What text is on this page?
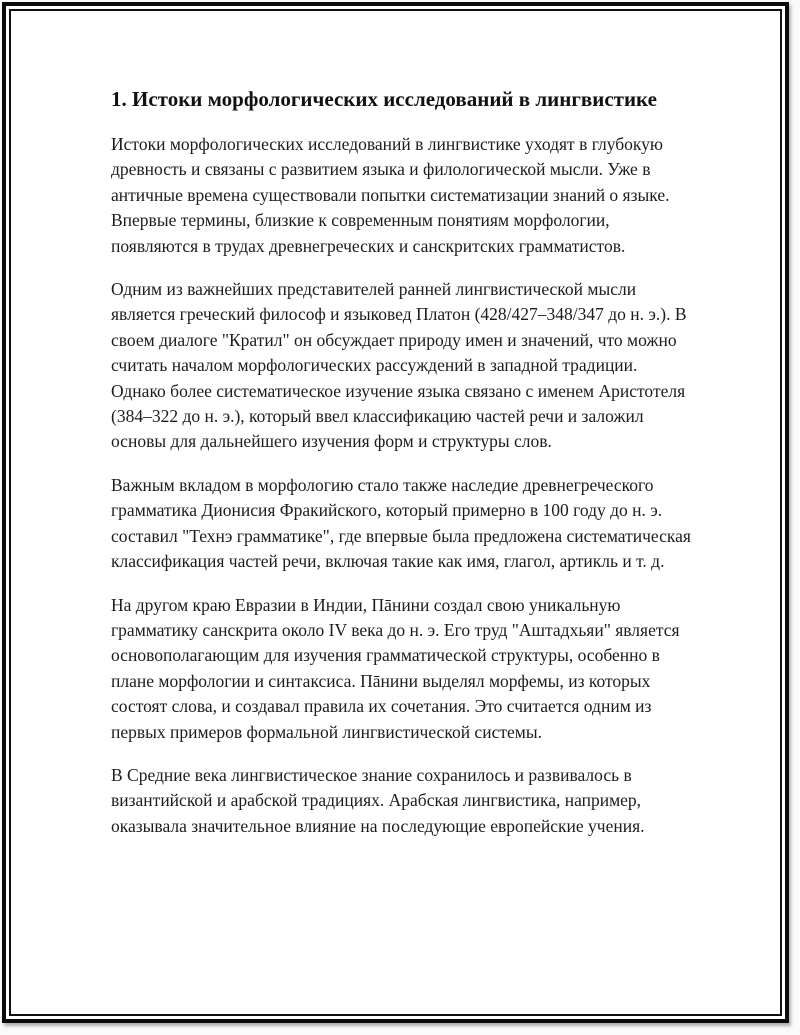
1. Истоки морфологических исследований в лингвистике

Истоки морфологических исследований в лингвистике уходят в глубокую древность и связаны с развитием языка и филологической мысли. Уже в античные времена существовали попытки систематизации знаний о языке. Впервые термины, близкие к современным понятиям морфологии, появляются в трудах древнегреческих и санскритских грамматистов.

Одним из важнейших представителей ранней лингвистической мысли является греческий философ и языковед Платон (428/427–348/347 до н. э.). В своем диалоге "Кратил" он обсуждает природу имен и значений, что можно считать началом морфологических рассуждений в западной традиции. Однако более систематическое изучение языка связано с именем Аристотеля (384–322 до н. э.), который ввел классификацию частей речи и заложил основы для дальнейшего изучения форм и структуры слов.

Важным вкладом в морфологию стало также наследие древнегреческого грамматика Дионисия Фракийского, который примерно в 100 году до н. э. составил "Технэ грамматике", где впервые была предложена систематическая классификация частей речи, включая такие как имя, глагол, артикль и т. д.

На другом краю Евразии в Индии, Пāнини создал свою уникальную грамматику санскрита около IV века до н. э. Его труд "Аштадхьяи" является основополагающим для изучения грамматической структуры, особенно в плане морфологии и синтаксиса. Пāнини выделял морфемы, из которых состоят слова, и создавал правила их сочетания. Это считается одним из первых примеров формальной лингвистической системы.

В Средние века лингвистическое знание сохранилось и развивалось в византийской и арабской традициях. Арабская лингвистика, например, оказывала значительное влияние на последующие европейские учения.
